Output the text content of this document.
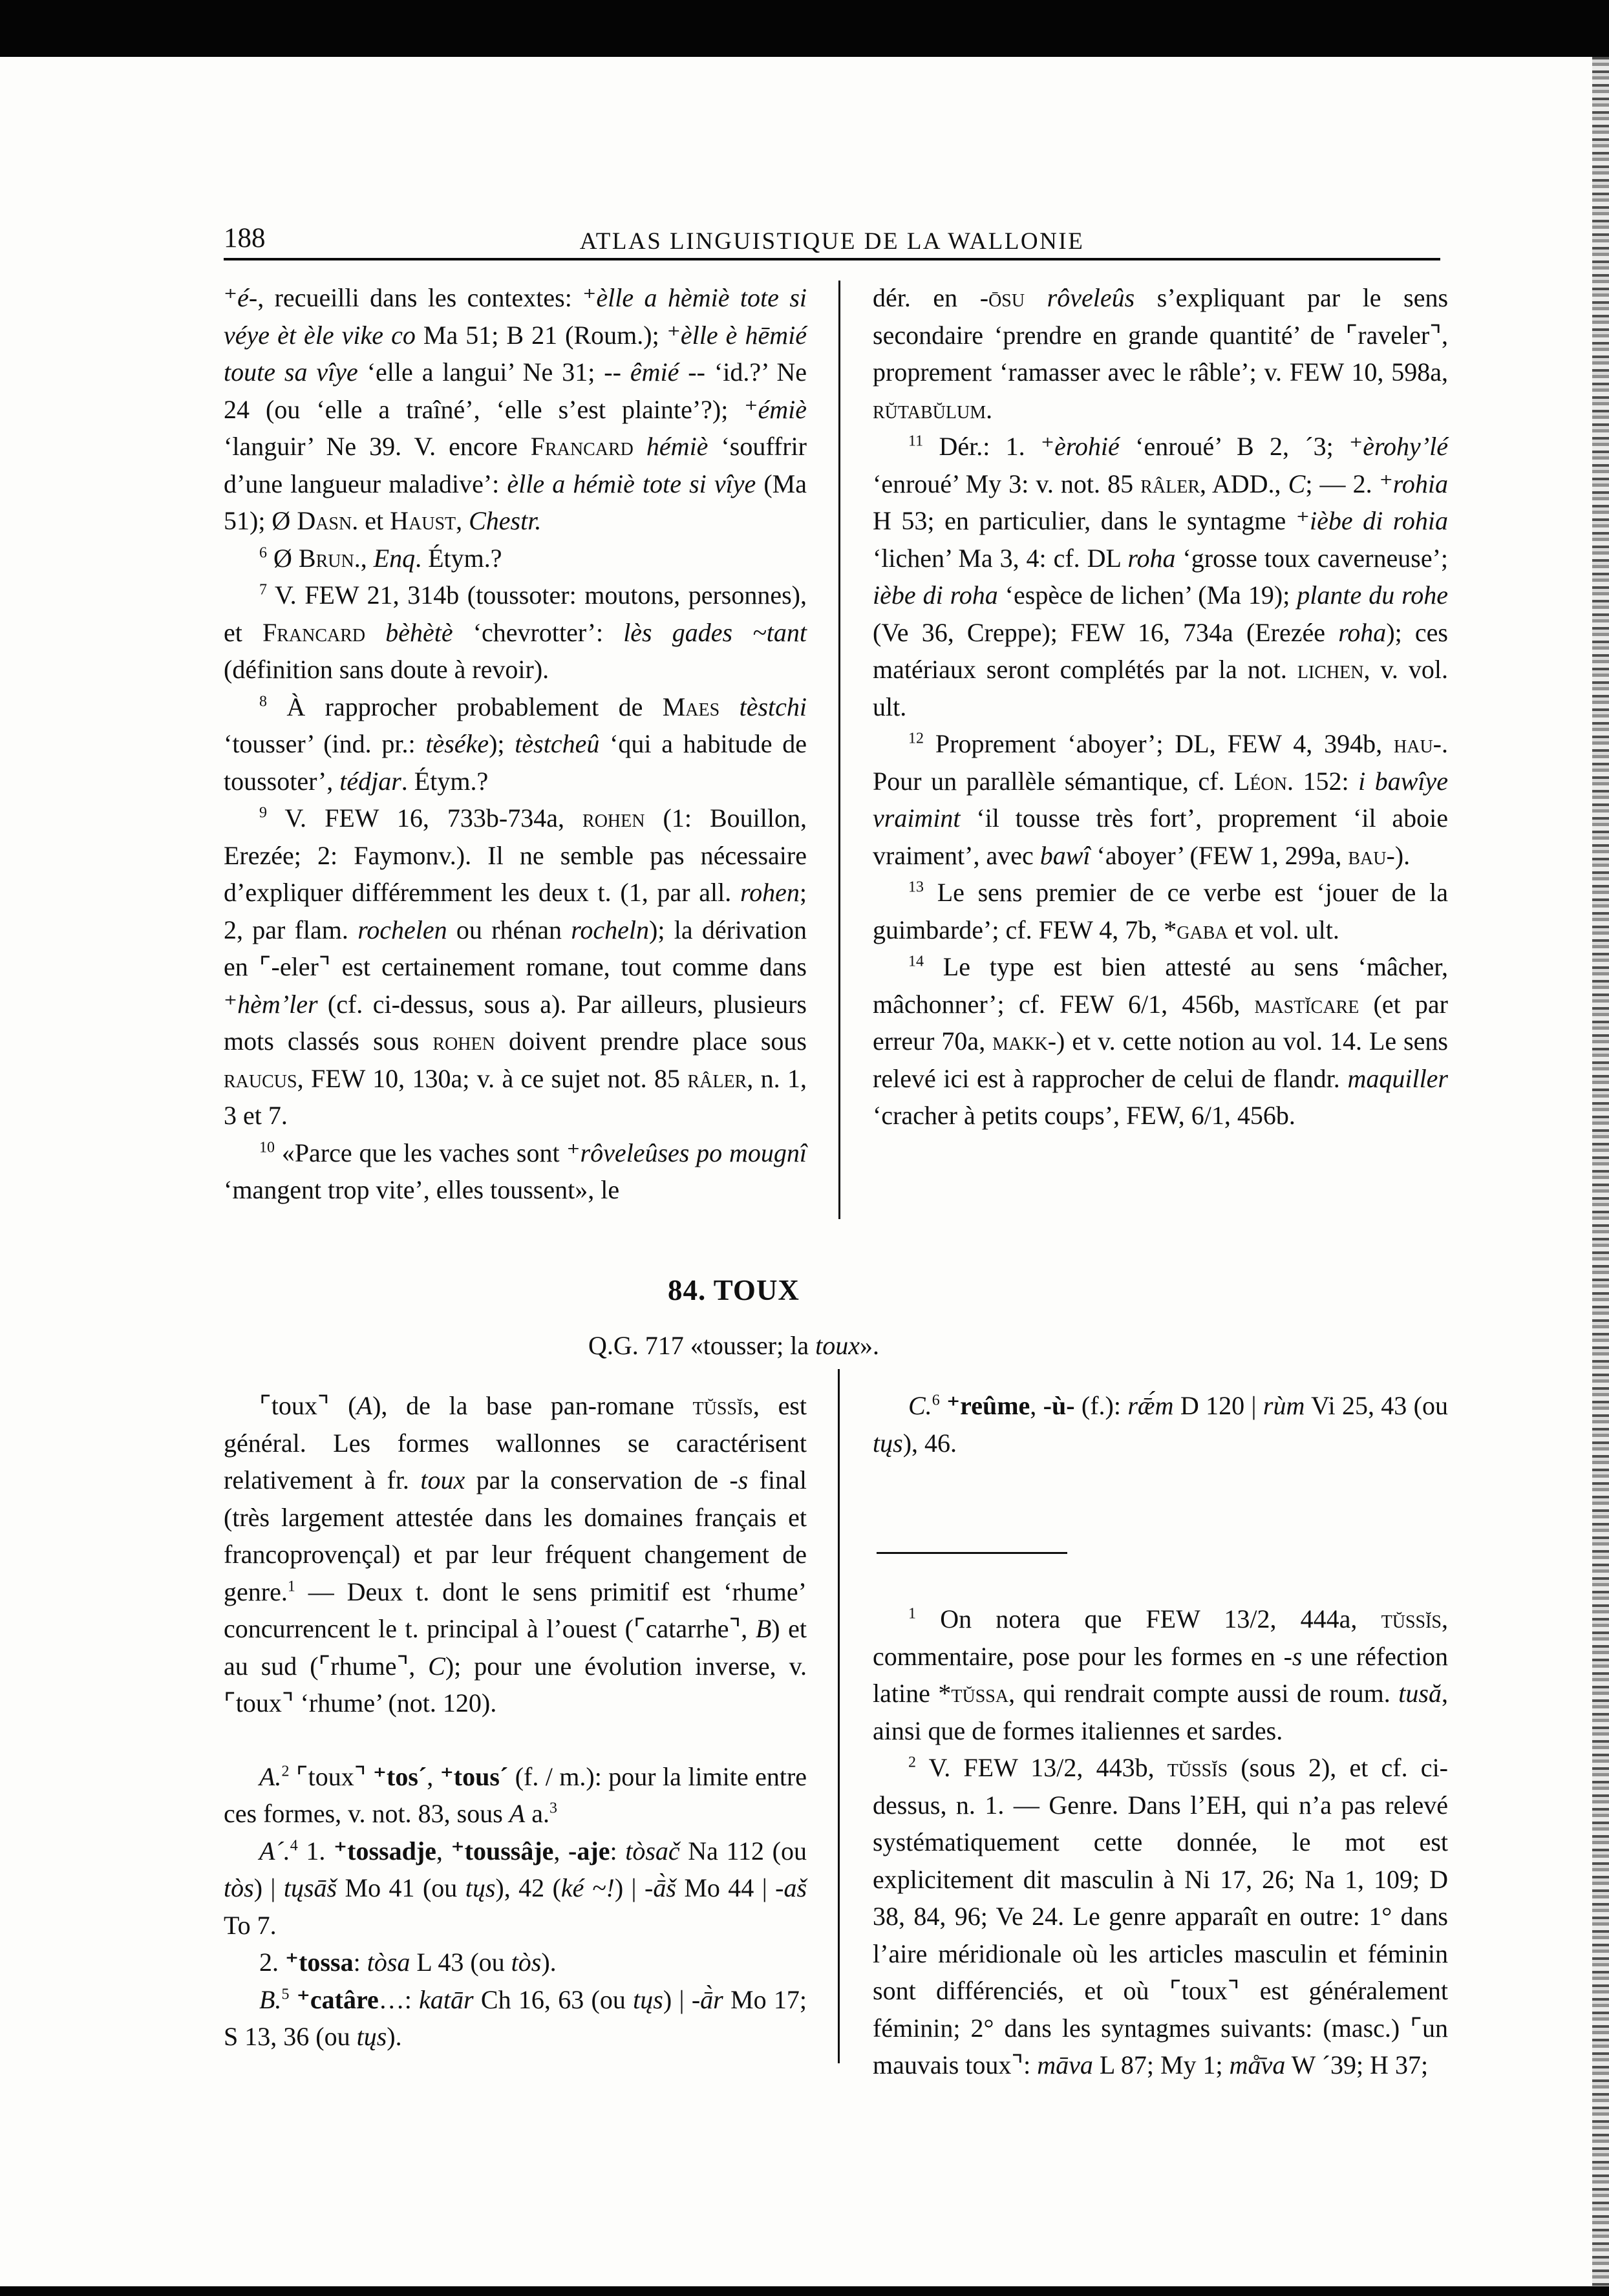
188	ATLAS LINGUISTIQUE DE LA WALLONIE

⁺é-, recueilli dans les contextes: ⁺èlle a hèmiè tote si véye èt èle vike co Ma 51; B 21 (Roum.); ⁺èlle è hēmié toute sa vîye ‘elle a langui’ Ne 31; -- êmié -- ‘id.?’ Ne 24 (ou ‘elle a traîné’, ‘elle s’est plainte’?); ⁺émiè ‘languir’ Ne 39. V. encore Francard hémiè ‘souffrir d’une langueur maladive’: èlle a hémiè tote si vîye (Ma 51); Ø Dasn. et Haust, Chestr.

$^6$ Ø Brun., Enq. Étym.?

$^7$ V. FEW 21, 314b (toussoter: moutons, personnes), et Francard bèhètè ‘chevrotter’: lès gades ~tant (définition sans doute à revoir).

$^8$ À rapprocher probablement de Maes tèstchi ‘tousser’ (ind. pr.: tèséke); tèstcheû ‘qui a habitude de toussoter’, tédjar. Étym.?

$^9$ V. FEW 16, 733b-734a, rohen (1: Bouillon, Erezée; 2: Faymonv.). Il ne semble pas nécessaire d’expliquer différemment les deux t. (1, par all. rohen; 2, par flam. rochelen ou rhénan rocheln); la dérivation en ⌜-eler⌝ est certainement romane, tout comme dans ⁺hèm’ler (cf. ci-dessus, sous a). Par ailleurs, plusieurs mots classés sous rohen doivent prendre place sous raucus, FEW 10, 130a; v. à ce sujet not. 85 râler, n. 1, 3 et 7.

$^{10}$ «Parce que les vaches sont ⁺rôveleûses po mougnî ‘mangent trop vite’, elles toussent», le

dér. en -ōsu rôveleûs s’expliquant par le sens secondaire ‘prendre en grande quantité’ de ⌜raveler⌝, proprement ‘ramasser avec le râble’; v. FEW 10, 598a, rŭtabŭlum.

$^{11}$ Dér.: 1. ⁺èrohié ‘enroué’ B 2, ´3; ⁺èrohy’lé ‘enroué’ My 3: v. not. 85 râler, ADD., C; — 2. ⁺rohia H 53; en particulier, dans le syntagme ⁺ièbe di rohia ‘lichen’ Ma 3, 4: cf. DL roha ‘grosse toux caverneuse’; ièbe di roha ‘espèce de lichen’ (Ma 19); plante du rohe (Ve 36, Creppe); FEW 16, 734a (Erezée roha); ces matériaux seront complétés par la not. lichen, v. vol. ult.

$^{12}$ Proprement ‘aboyer’; DL, FEW 4, 394b, hau-. Pour un parallèle sémantique, cf. Léon. 152: i bawîye vraimint ‘il tousse très fort’, proprement ‘il aboie vraiment’, avec bawî ‘aboyer’ (FEW 1, 299a, bau-).

$^{13}$ Le sens premier de ce verbe est ‘jouer de la guimbarde’; cf. FEW 4, 7b, *gaba et vol. ult.

$^{14}$ Le type est bien attesté au sens ‘mâcher, mâchonner’; cf. FEW 6/1, 456b, mastĭcare (et par erreur 70a, makk-) et v. cette notion au vol. 14. Le sens relevé ici est à rapprocher de celui de flandr. maquiller ‘cracher à petits coups’, FEW, 6/1, 456b.

84. TOUX
Q.G. 717 «tousser; la toux».

⌜toux⌝ (A), de la base pan-romane tŭssĭs, est général. Les formes wallonnes se caractérisent relativement à fr. toux par la conservation de -s final (très largement attestée dans les domaines français et francoprovençal) et par leur fréquent changement de genre.$^1$ — Deux t. dont le sens primitif est ‘rhume’ concurrencent le t. principal à l’ouest (⌜catarrhe⌝, B) et au sud (⌜rhume⌝, C); pour une évolution inverse, v. ⌜toux⌝ ‘rhume’ (not. 120).

A.$^2$ ⌜toux⌝ ⁺tos´, ⁺tous´ (f. / m.): pour la limite entre ces formes, v. not. 83, sous A a.$^3$

A´.$^4$ 1. ⁺tossadje, ⁺toussâje, -aje: tòsač Na 112 (ou tòs) | tųsāš Mo 41 (ou tųs), 42 (ké ~!) | -ā̀š Mo 44 | -aš To 7.

2. ⁺tossa: tòsa L 43 (ou tòs).

B.$^5$ ⁺catâre…: katār Ch 16, 63 (ou tųs) | -ā̀r Mo 17; S 13, 36 (ou tųs).

C.$^6$ ⁺reûme, -ù- (f.): rǣ́m D 120 | rùm Vi 25, 43 (ou tųs), 46.

$^1$ On notera que FEW 13/2, 444a, tŭssĭs, commentaire, pose pour les formes en -s une réfection latine *tŭssa, qui rendrait compte aussi de roum. tusă, ainsi que de formes italiennes et sardes.

$^2$ V. FEW 13/2, 443b, tŭssĭs (sous 2), et cf. ci-dessus, n. 1. — Genre. Dans l’EH, qui n’a pas relevé systématiquement cette donnée, le mot est explicitement dit masculin à Ni 17, 26; Na 1, 109; D 38, 84, 96; Ve 24. Le genre apparaît en outre: 1° dans l’aire méridionale où les articles masculin et féminin sont différenciés, et où ⌜toux⌝ est généralement féminin; 2° dans les syntagmes suivants: (masc.) ⌜un mauvais toux⌝: māva L 87; My 1; må̄va W ´39; H 37;
